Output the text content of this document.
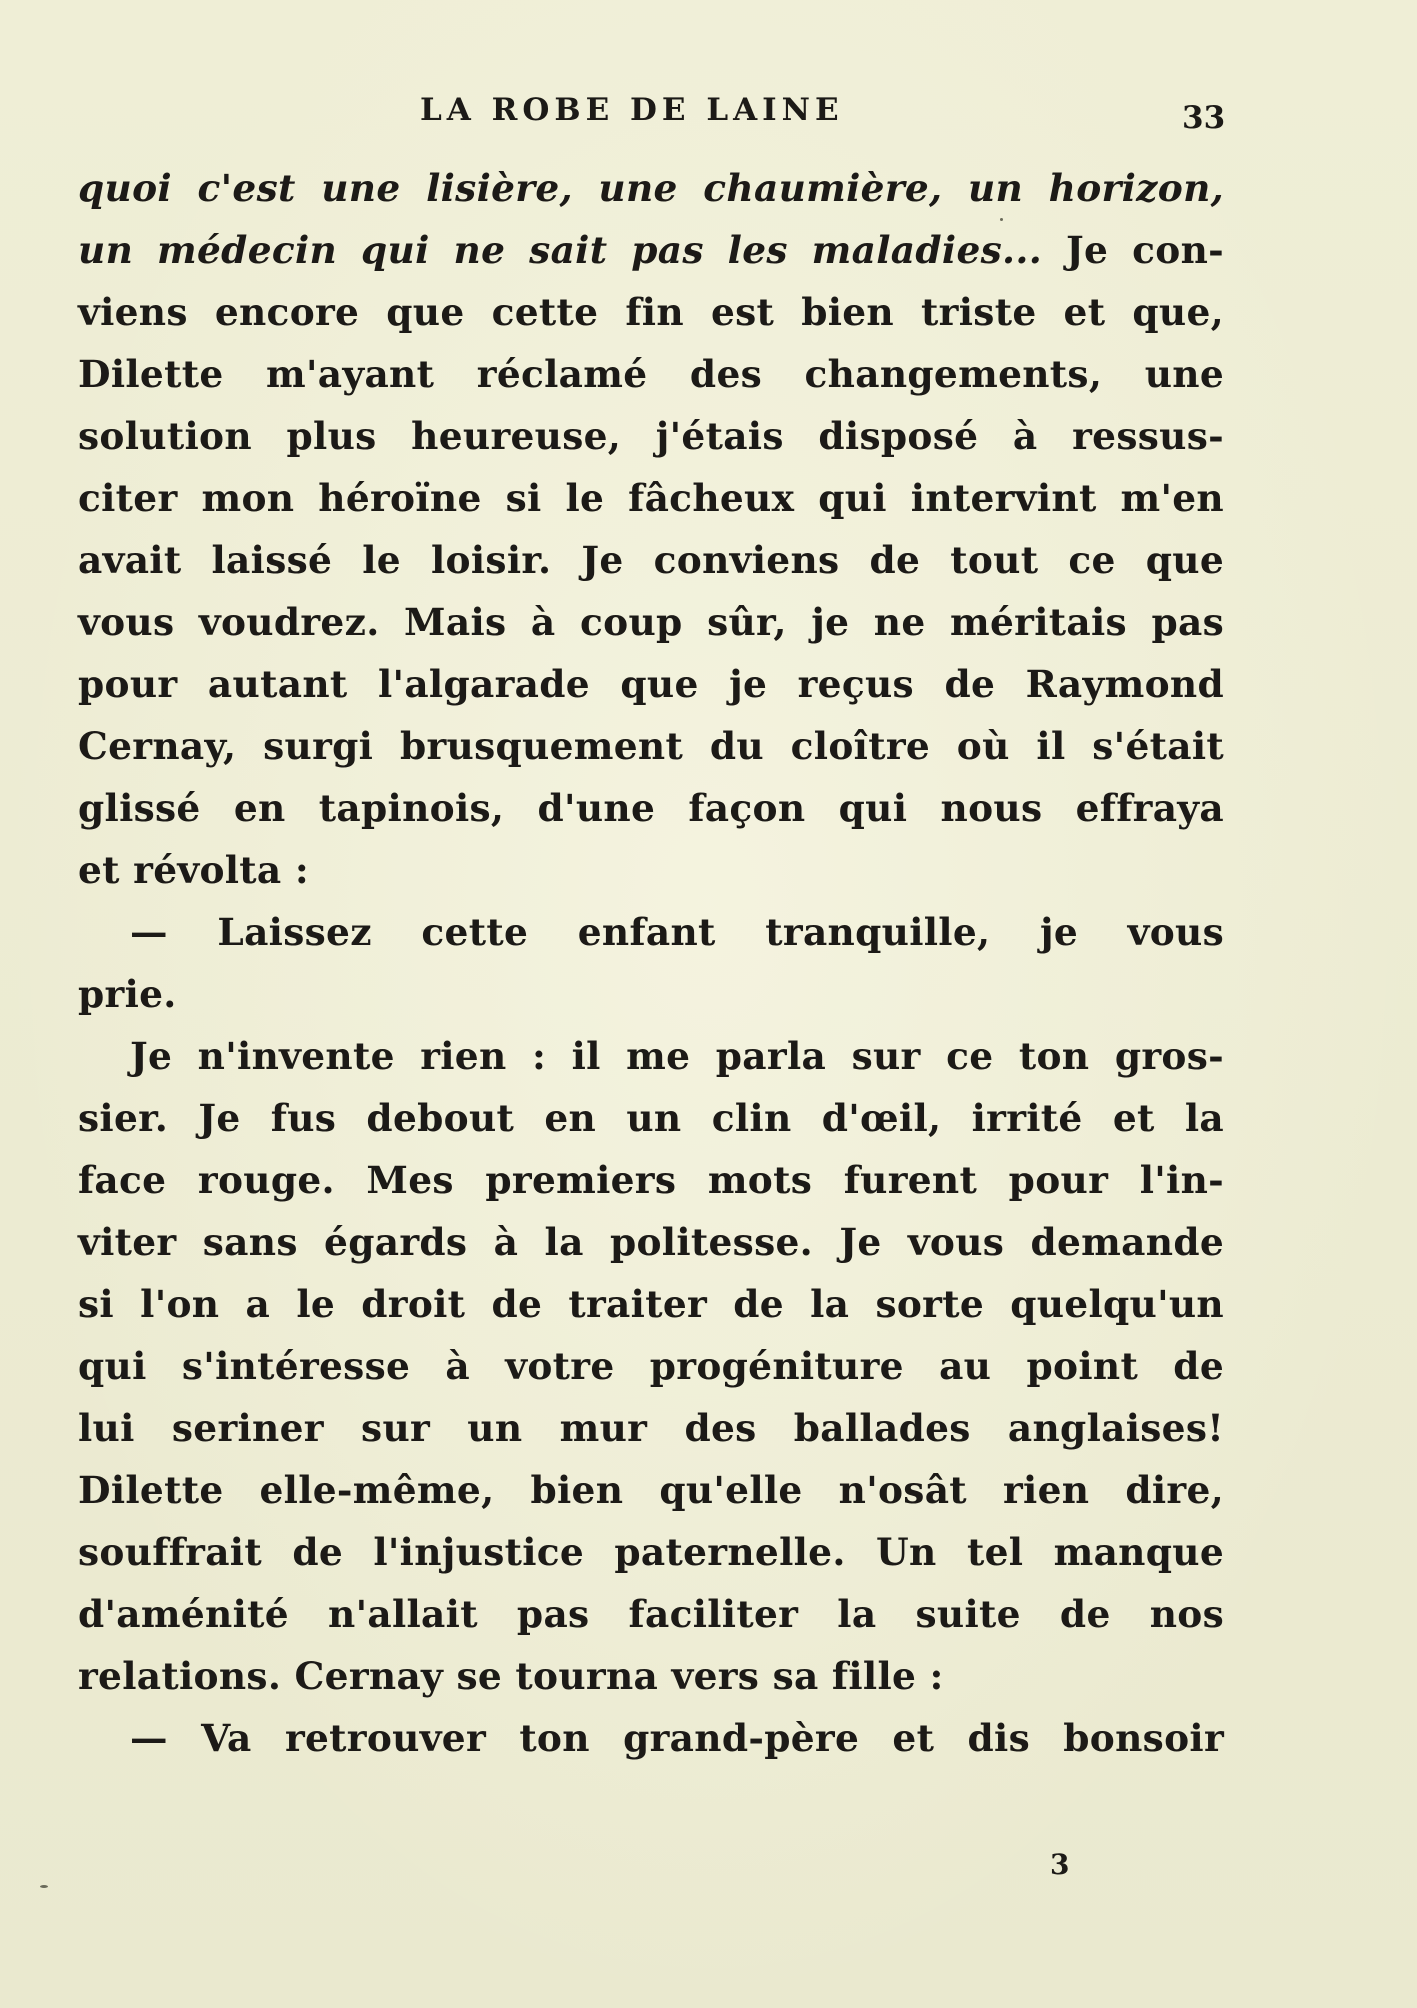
LA ROBE DE LAINE	33
quoi c'est une lisière, une chaumière, un horizon,
un médecin qui ne sait pas les maladies... Je con-
viens encore que cette fin est bien triste et que,
Dilette m'ayant réclamé des changements, une
solution plus heureuse, j'étais disposé à ressus-
citer mon héroïne si le fâcheux qui intervint m'en
avait laissé le loisir. Je conviens de tout ce que
vous voudrez. Mais à coup sûr, je ne méritais pas
pour autant l'algarade que je reçus de Raymond
Cernay, surgi brusquement du cloître où il s'était
glissé en tapinois, d'une façon qui nous effraya
et révolta :
— Laissez cette enfant tranquille, je vous
prie.
Je n'invente rien : il me parla sur ce ton gros-
sier. Je fus debout en un clin d'œil, irrité et la
face rouge. Mes premiers mots furent pour l'in-
viter sans égards à la politesse. Je vous demande
si l'on a le droit de traiter de la sorte quelqu'un
qui s'intéresse à votre progéniture au point de
lui seriner sur un mur des ballades anglaises!
Dilette elle-même, bien qu'elle n'osât rien dire,
souffrait de l'injustice paternelle. Un tel manque
d'aménité n'allait pas faciliter la suite de nos
relations. Cernay se tourna vers sa fille :
— Va retrouver ton grand-père et dis bonsoir
3
